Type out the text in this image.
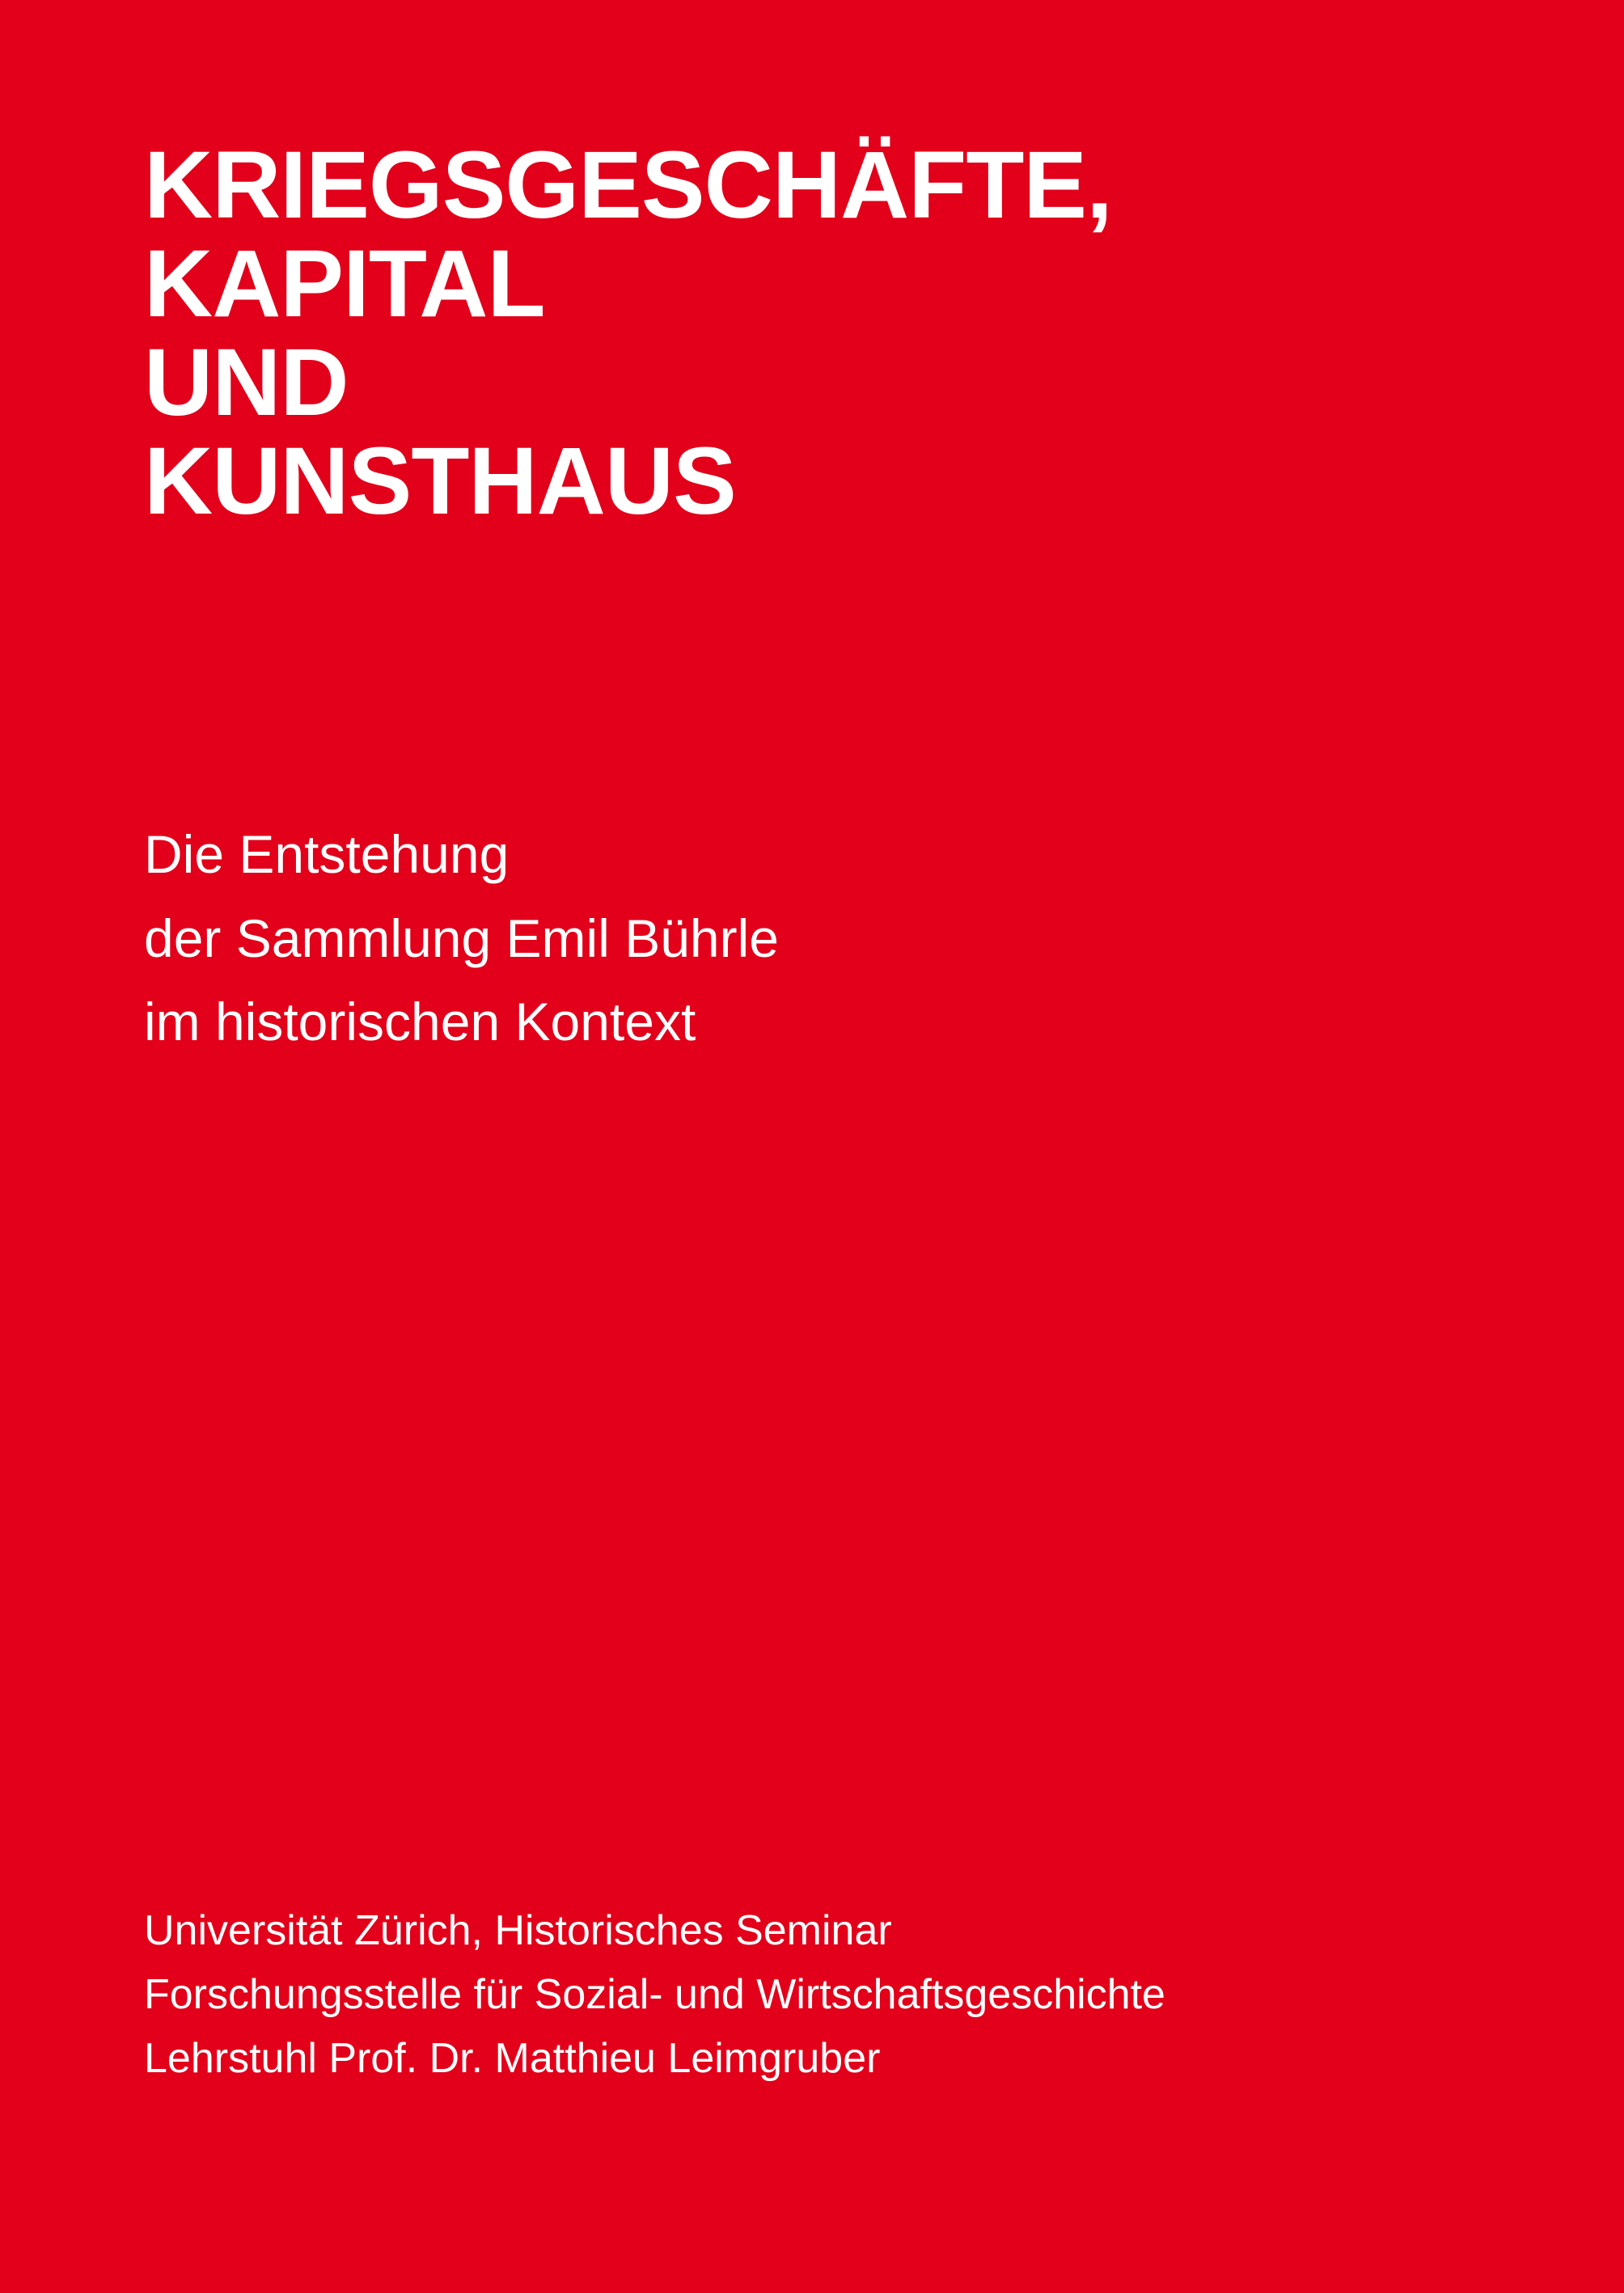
KRIEGSGESCHÄFTE,

KAPITAL

UND

KUNSTHAUS

Die Entstehung

der Sammlung Emil Bührle

im historischen Kontext

Universität Zürich, Historisches Seminar

Forschungsstelle für Sozial- und Wirtschaftsgeschichte

Lehrstuhl Prof. Dr. Matthieu Leimgruber
